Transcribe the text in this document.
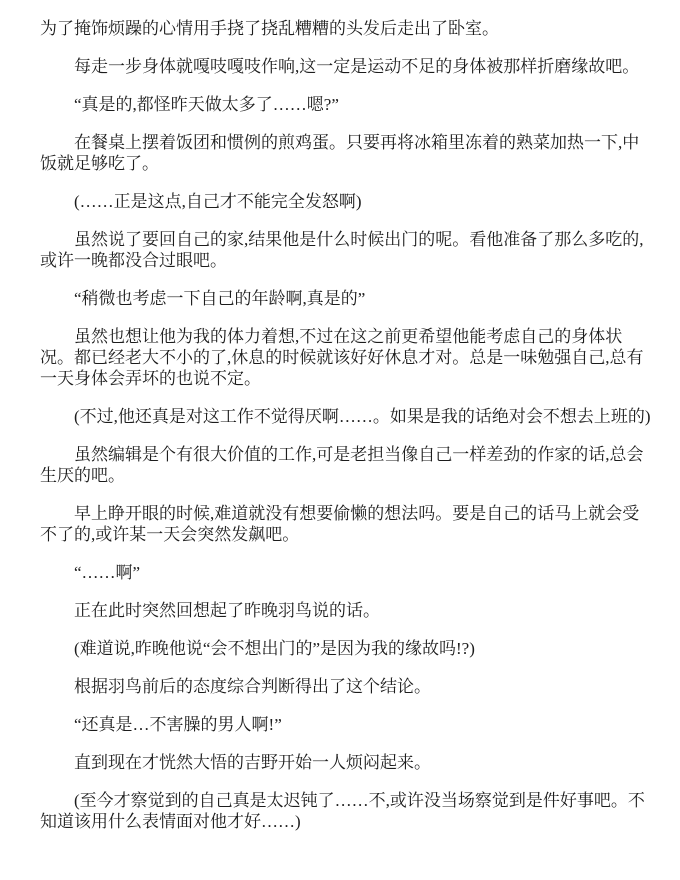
为了掩饰烦躁的心情用手挠了挠乱糟糟的头发后走出了卧室。

每走一步身体就嘎吱嘎吱作响,这一定是运动不足的身体被那样折磨缘故吧。

“真是的,都怪昨天做太多了……嗯?”

在餐桌上摆着饭团和惯例的煎鸡蛋。只要再将冰箱里冻着的熟菜加热一下,中饭就足够吃了。

(……正是这点,自己才不能完全发怒啊)

虽然说了要回自己的家,结果他是什么时候出门的呢。看他准备了那么多吃的,或许一晚都没合过眼吧。

“稍微也考虑一下自己的年龄啊,真是的”

虽然也想让他为我的体力着想,不过在这之前更希望他能考虑自己的身体状况。都已经老大不小的了,休息的时候就该好好休息才对。总是一味勉强自己,总有一天身体会弄坏的也说不定。

(不过,他还真是对这工作不觉得厌啊……。如果是我的话绝对会不想去上班的)

虽然编辑是个有很大价值的工作,可是老担当像自己一样差劲的作家的话,总会生厌的吧。

早上睁开眼的时候,难道就没有想要偷懒的想法吗。要是自己的话马上就会受不了的,或许某一天会突然发飙吧。

“……啊”

正在此时突然回想起了昨晚羽鸟说的话。

(难道说,昨晚他说“会不想出门的”是因为我的缘故吗!?)

根据羽鸟前后的态度综合判断得出了这个结论。

“还真是…不害臊的男人啊!”

直到现在才恍然大悟的吉野开始一人烦闷起来。

(至今才察觉到的自己真是太迟钝了……不,或许没当场察觉到是件好事吧。不知道该用什么表情面对他才好……)
